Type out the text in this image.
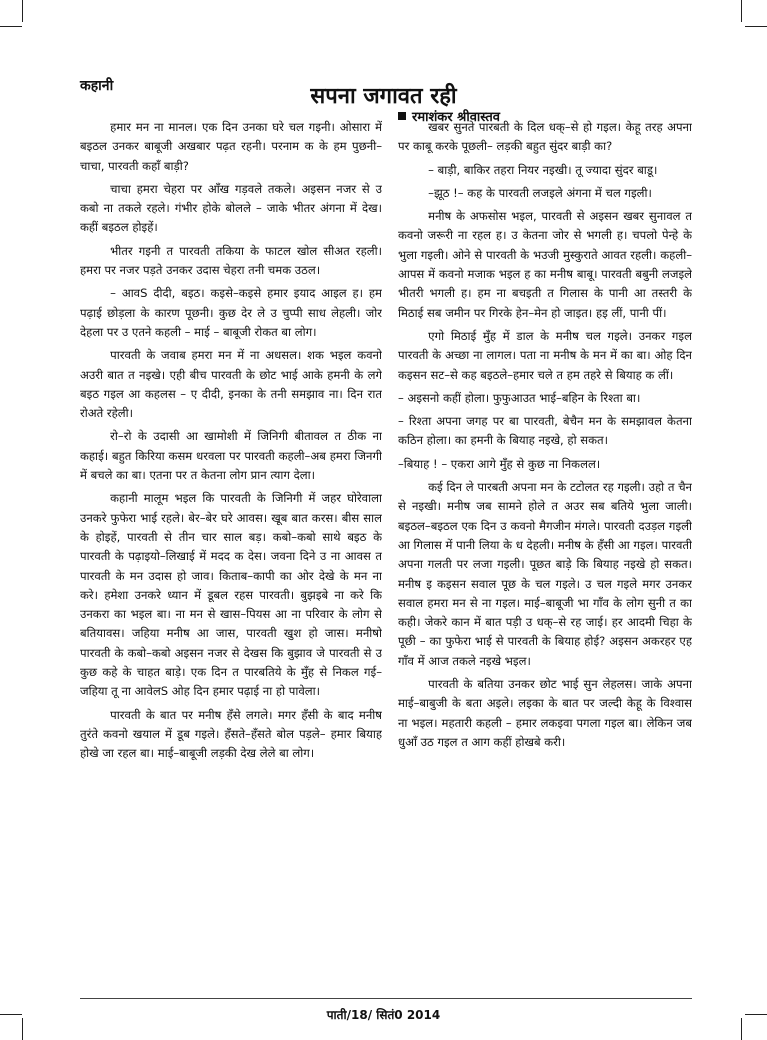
कहानी	सपना जगावत रही
रमाशंकर श्रीवास्तव

हमार मन ना मानल। एक दिन उनका घरे चल गइनी। ओसारा में बइठल उनकर बाबूजी अखबार पढ़त रहनी। परनाम क के हम पुछनी– चाचा, पारवती कहाँ बाड़ी?

चाचा हमरा चेहरा पर आँख गड़वले तकले। अइसन नजर से उ कबो ना तकले रहले। गंभीर होके बोलले – जाके भीतर अंगना में देख। कहीं बइठल होइहें।

भीतर गइनी त पारवती तकिया के फाटल खोल सीअत रहली। हमरा पर नजर पड़ते उनकर उदास चेहरा तनी चमक उठल।

– आवS दीदी, बइठ। कइसे–कइसे हमार इयाद आइल ह। हम पढ़ाई छोड़ला के कारण पूछनी। कुछ देर ले उ चुप्पी साध लेहली। जोर देहला पर उ एतने कहली – माई – बाबूजी रोकत बा लोग।

पारवती के जवाब हमरा मन में ना अधसल। शक भइल कवनो अउरी बात त नइखे। एही बीच पारवती के छोट भाई आके हमनी के लगे बइठ गइल आ कहलस – ए दीदी, इनका के तनी समझाव ना। दिन रात रोअते रहेली।

रो–रो के उदासी आ खामोशी में जिनिगी बीतावल त ठीक ना कहाई। बहुत किरिया कसम धरवला पर पारवती कहली–अब हमरा जिनगी में बचले का बा। एतना पर त केतना लोग प्रान त्याग देला।

कहानी मालूम भइल कि पारवती के जिनिगी में जहर घोरेवाला उनकरे फुफेरा भाई रहले। बेर–बेर घरे आवस। खूब बात करस। बीस साल के होइहें, पारवती से तीन चार साल बड़। कबो–कबो साथे बइठ के पारवती के पढ़ाइयो–लिखाई में मदद क देस। जवना दिने उ ना आवस त पारवती के मन उदास हो जाव। किताब–कापी का ओर देखे के मन ना करे। हमेशा उनकरे ध्यान में डूबल रहस पारवती। बुझइबे ना करे कि उनकरा का भइल बा। ना मन से खास–पियस आ ना परिवार के लोग से बतियावस। जहिया मनीष आ जास, पारवती खुश हो जास। मनीषो पारवती के कबो–कबो अइसन नजर से देखस कि बुझाव जे पारवती से उ कुछ कहे के चाहत बाड़े। एक दिन त पारबतिये के मुँह से निकल गई– जहिया तू ना आवेलS ओह दिन हमार पढ़ाई ना हो पावेला।

पारवती के बात पर मनीष हँसे लगले। मगर हँसी के बाद मनीष तुरंते कवनो खयाल में डूब गइले। हँसते–हँसते बोल पड़ले– हमार बियाह होखे जा रहल बा। माई–बाबूजी लड़की देख लेले बा लोग।

खबर सुनते पारबती के दिल धक्–से हो गइल। केहू तरह अपना पर काबू करके पूछली– लड़की बहुत सुंदर बाड़ी का?

– बाड़ी, बाकिर तहरा नियर नइखी। तू ज्यादा सुंदर बाडू।

–झूठ !– कह के पारवती लजइले अंगना में चल गइली।

मनीष के अफसोस भइल, पारवती से अइसन खबर सुनावल त कवनो जरूरी ना रहल ह। उ केतना जोर से भगली ह। चपलो पेन्हे के भुला गइली। ओने से पारवती के भउजी मुस्कुराते आवत रहली। कहली– आपस में कवनो मजाक भइल ह का मनीष बाबू। पारवती बबुनी लजइले भीतरी भगली ह। हम ना बचइती त गिलास के पानी आ तस्तरी के मिठाई सब जमीन पर गिरके हेन–मेन हो जाइत। हइ लीं, पानी पीं।

एगो मिठाई मुँह में डाल के मनीष चल गइले। उनकर गइल पारवती के अच्छा ना लागल। पता ना मनीष के मन में का बा। ओह दिन कइसन सट–से कह बइठले–हमार चले त हम तहरे से बियाह क लीं।

– अइसनो कहीं होला। फुफुआउत भाई–बहिन के रिश्ता बा।

– रिश्ता अपना जगह पर बा पारवती, बेचैन मन के समझावल केतना कठिन होला। का हमनी के बियाह नइखे, हो सकत।

–बियाह ! – एकरा आगे मुँह से कुछ ना निकलल।

कई दिन ले पारबती अपना मन के टटोलत रह गइली। उहो त चैन से नइखी। मनीष जब सामने होले त अउर सब बतिये भुला जाली। बइठल–बइठल एक दिन उ कवनो मैगजीन मंगले। पारवती दउड़ल गइली आ गिलास में पानी लिया के ध देहली। मनीष के हँसी आ गइल। पारवती अपना गलती पर लजा गइली। पूछत बाड़े कि बियाह नइखे हो सकत। मनीष इ कइसन सवाल पूछ के चल गइले। उ चल गइले मगर उनकर सवाल हमरा मन से ना गइल। माई–बाबूजी भा गाँव के लोग सुनी त का कही। जेकरे कान में बात पड़ी उ धक्–से रह जाई। हर आदमी चिहा के पूछी – का फुफेरा भाई से पारवती के बियाह होई? अइसन अकरहर एह गाँव में आज तकले नइखे भइल।

पारवती के बतिया उनकर छोट भाई सुन लेहलस। जाके अपना माई–बाबुजी के बता अइले। लइका के बात पर जल्दी केहू के विश्वास ना भइल। महतारी कहली – हमार लकइवा पगला गइल बा। लेकिन जब धुआँ उठ गइल त आग कहीं होखबे करी।

पाती/18/ सितं0 2014
